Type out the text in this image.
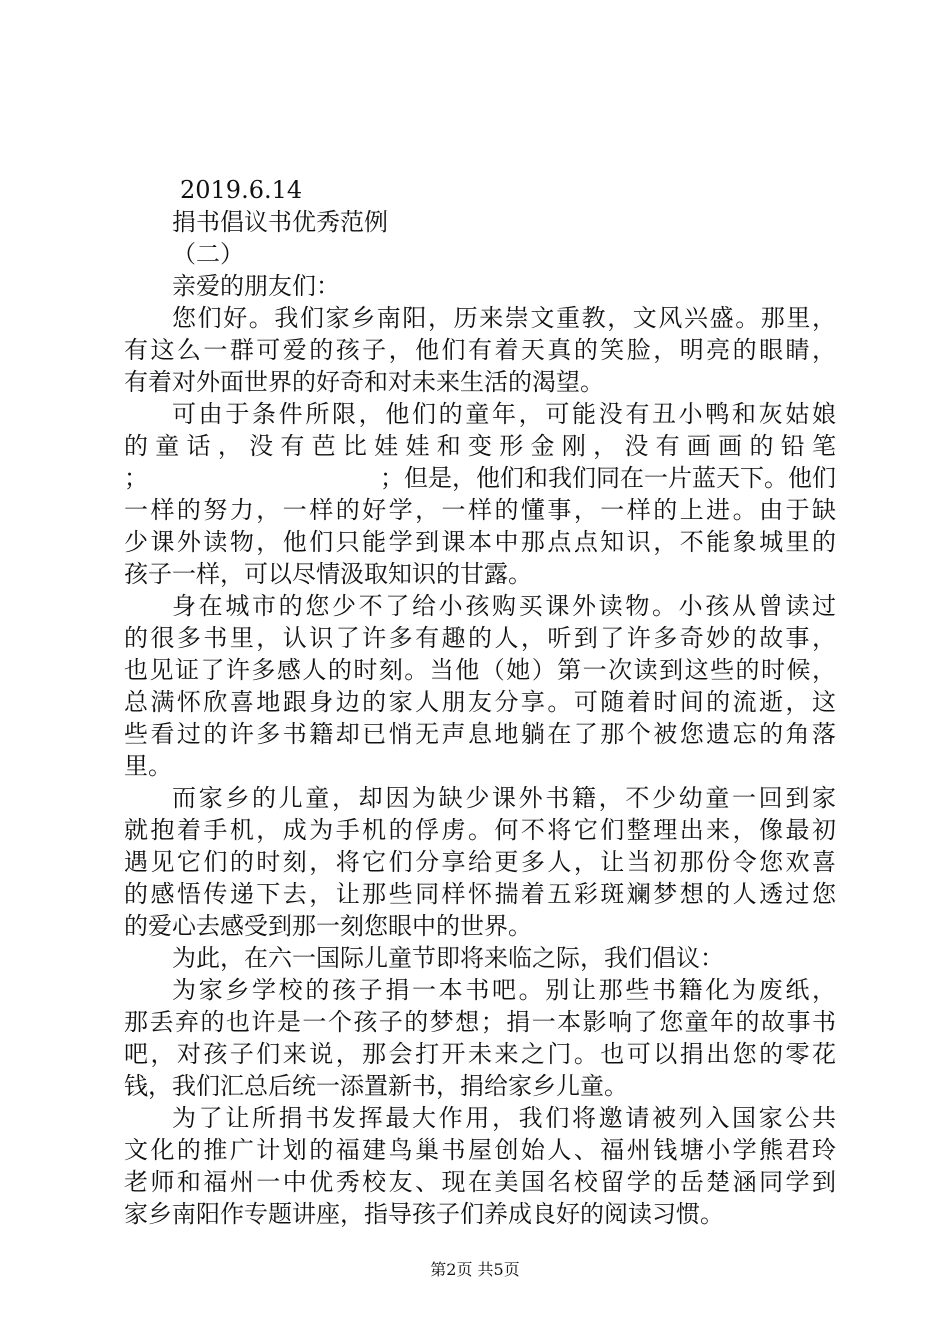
2019.6.14
捐书倡议书优秀范例
（二）
亲爱的朋友们：
您们好。我们家乡南阳，历来崇文重教，文风兴盛。那里，
有这么一群可爱的孩子，他们有着天真的笑脸，明亮的眼睛，
有着对外面世界的好奇和对未来生活的渴望。
可由于条件所限，他们的童年，可能没有丑小鸭和灰姑娘
的童话，没有芭比娃娃和变形金刚，没有画画的铅笔
；	；但是，他们和我们同在一片蓝天下。他们
一样的努力，一样的好学，一样的懂事，一样的上进。由于缺
少课外读物，他们只能学到课本中那点点知识，不能象城里的
孩子一样，可以尽情汲取知识的甘露。
身在城市的您少不了给小孩购买课外读物。小孩从曾读过
的很多书里，认识了许多有趣的人，听到了许多奇妙的故事，
也见证了许多感人的时刻。当他（她）第一次读到这些的时候，
总满怀欣喜地跟身边的家人朋友分享。可随着时间的流逝，这
些看过的许多书籍却已悄无声息地躺在了那个被您遗忘的角落
里。
而家乡的儿童，却因为缺少课外书籍，不少幼童一回到家
就抱着手机，成为手机的俘虏。何不将它们整理出来，像最初
遇见它们的时刻，将它们分享给更多人，让当初那份令您欢喜
的感悟传递下去，让那些同样怀揣着五彩斑斓梦想的人透过您
的爱心去感受到那一刻您眼中的世界。
为此，在六一国际儿童节即将来临之际，我们倡议：
为家乡学校的孩子捐一本书吧。别让那些书籍化为废纸，
那丢弃的也许是一个孩子的梦想；捐一本影响了您童年的故事书
吧，对孩子们来说，那会打开未来之门。也可以捐出您的零花
钱，我们汇总后统一添置新书，捐给家乡儿童。
为了让所捐书发挥最大作用，我们将邀请被列入国家公共
文化的推广计划的福建鸟巢书屋创始人、福州钱塘小学熊君玲
老师和福州一中优秀校友、现在美国名校留学的岳楚涵同学到
家乡南阳作专题讲座，指导孩子们养成良好的阅读习惯。
第2页 共5页
